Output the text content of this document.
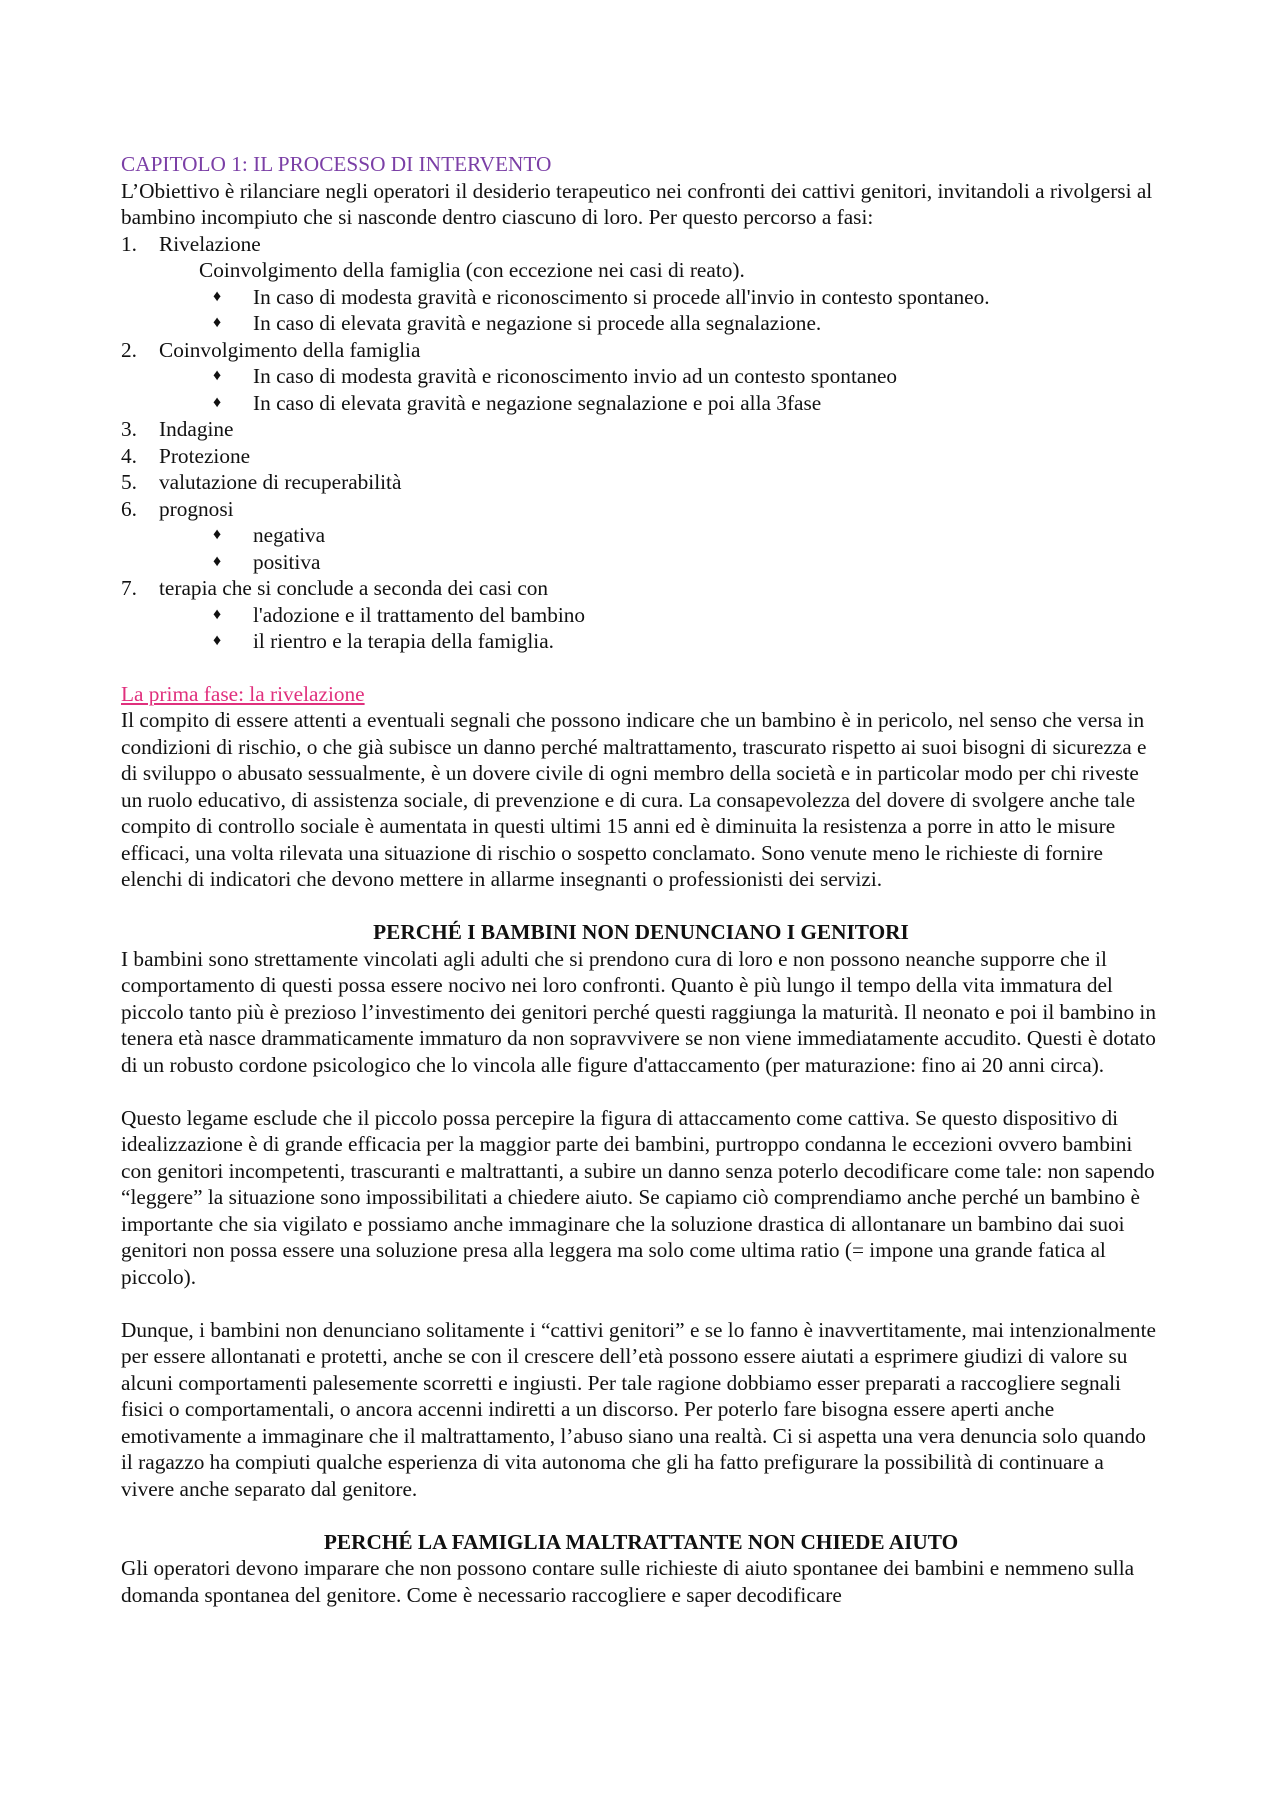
CAPITOLO 1: IL PROCESSO DI INTERVENTO

L’Obiettivo è rilanciare negli operatori il desiderio terapeutico nei confronti dei cattivi genitori, invitandoli a rivolgersi al bambino incompiuto che si nasconde dentro ciascuno di loro. Per questo percorso a fasi:

1. Rivelazione
Coinvolgimento della famiglia (con eccezione nei casi di reato).
♦ In caso di modesta gravità e riconoscimento si procede all'invio in contesto spontaneo.
♦ In caso di elevata gravità e negazione si procede alla segnalazione.
2. Coinvolgimento della famiglia
♦ In caso di modesta gravità e riconoscimento invio ad un contesto spontaneo
♦ In caso di elevata gravità e negazione segnalazione e poi alla 3fase
3. Indagine
4. Protezione
5. valutazione di recuperabilità
6. prognosi
♦ negativa
♦ positiva
7. terapia che si conclude a seconda dei casi con
♦ l'adozione e il trattamento del bambino
♦ il rientro e la terapia della famiglia.

La prima fase: la rivelazione

Il compito di essere attenti a eventuali segnali che possono indicare che un bambino è in pericolo, nel senso che versa in condizioni di rischio, o che già subisce un danno perché maltrattamento, trascurato rispetto ai suoi bisogni di sicurezza e di sviluppo o abusato sessualmente, è un dovere civile di ogni membro della società e in particolar modo per chi riveste un ruolo educativo, di assistenza sociale, di prevenzione e di cura. La consapevolezza del dovere di svolgere anche tale compito di controllo sociale è aumentata in questi ultimi 15 anni ed è diminuita la resistenza a porre in atto le misure efficaci, una volta rilevata una situazione di rischio o sospetto conclamato. Sono venute meno le richieste di fornire elenchi di indicatori che devono mettere in allarme insegnanti o professionisti dei servizi.

PERCHÉ I BAMBINI NON DENUNCIANO I GENITORI

I bambini sono strettamente vincolati agli adulti che si prendono cura di loro e non possono neanche supporre che il comportamento di questi possa essere nocivo nei loro confronti. Quanto è più lungo il tempo della vita immatura del piccolo tanto più è prezioso l’investimento dei genitori perché questi raggiunga la maturità. Il neonato e poi il bambino in tenera età nasce drammaticamente immaturo da non sopravvivere se non viene immediatamente accudito. Questi è dotato di un robusto cordone psicologico che lo vincola alle figure d'attaccamento (per maturazione: fino ai 20 anni circa).

Questo legame esclude che il piccolo possa percepire la figura di attaccamento come cattiva. Se questo dispositivo di idealizzazione è di grande efficacia per la maggior parte dei bambini, purtroppo condanna le eccezioni ovvero bambini con genitori incompetenti, trascuranti e maltrattanti, a subire un danno senza poterlo decodificare come tale: non sapendo “leggere” la situazione sono impossibilitati a chiedere aiuto. Se capiamo ciò comprendiamo anche perché un bambino è importante che sia vigilato e possiamo anche immaginare che la soluzione drastica di allontanare un bambino dai suoi genitori non possa essere una soluzione presa alla leggera ma solo come ultima ratio (= impone una grande fatica al piccolo).

Dunque, i bambini non denunciano solitamente i “cattivi genitori” e se lo fanno è inavvertitamente, mai intenzionalmente per essere allontanati e protetti, anche se con il crescere dell’età possono essere aiutati a esprimere giudizi di valore su alcuni comportamenti palesemente scorretti e ingiusti. Per tale ragione dobbiamo esser preparati a raccogliere segnali fisici o comportamentali, o ancora accenni indiretti a un discorso. Per poterlo fare bisogna essere aperti anche emotivamente a immaginare che il maltrattamento, l’abuso siano una realtà. Ci si aspetta una vera denuncia solo quando il ragazzo ha compiuti qualche esperienza di vita autonoma che gli ha fatto prefigurare la possibilità di continuare a vivere anche separato dal genitore.

PERCHÉ LA FAMIGLIA MALTRATTANTE NON CHIEDE AIUTO

Gli operatori devono imparare che non possono contare sulle richieste di aiuto spontanee dei bambini e nemmeno sulla domanda spontanea del genitore. Come è necessario raccogliere e saper decodificare
